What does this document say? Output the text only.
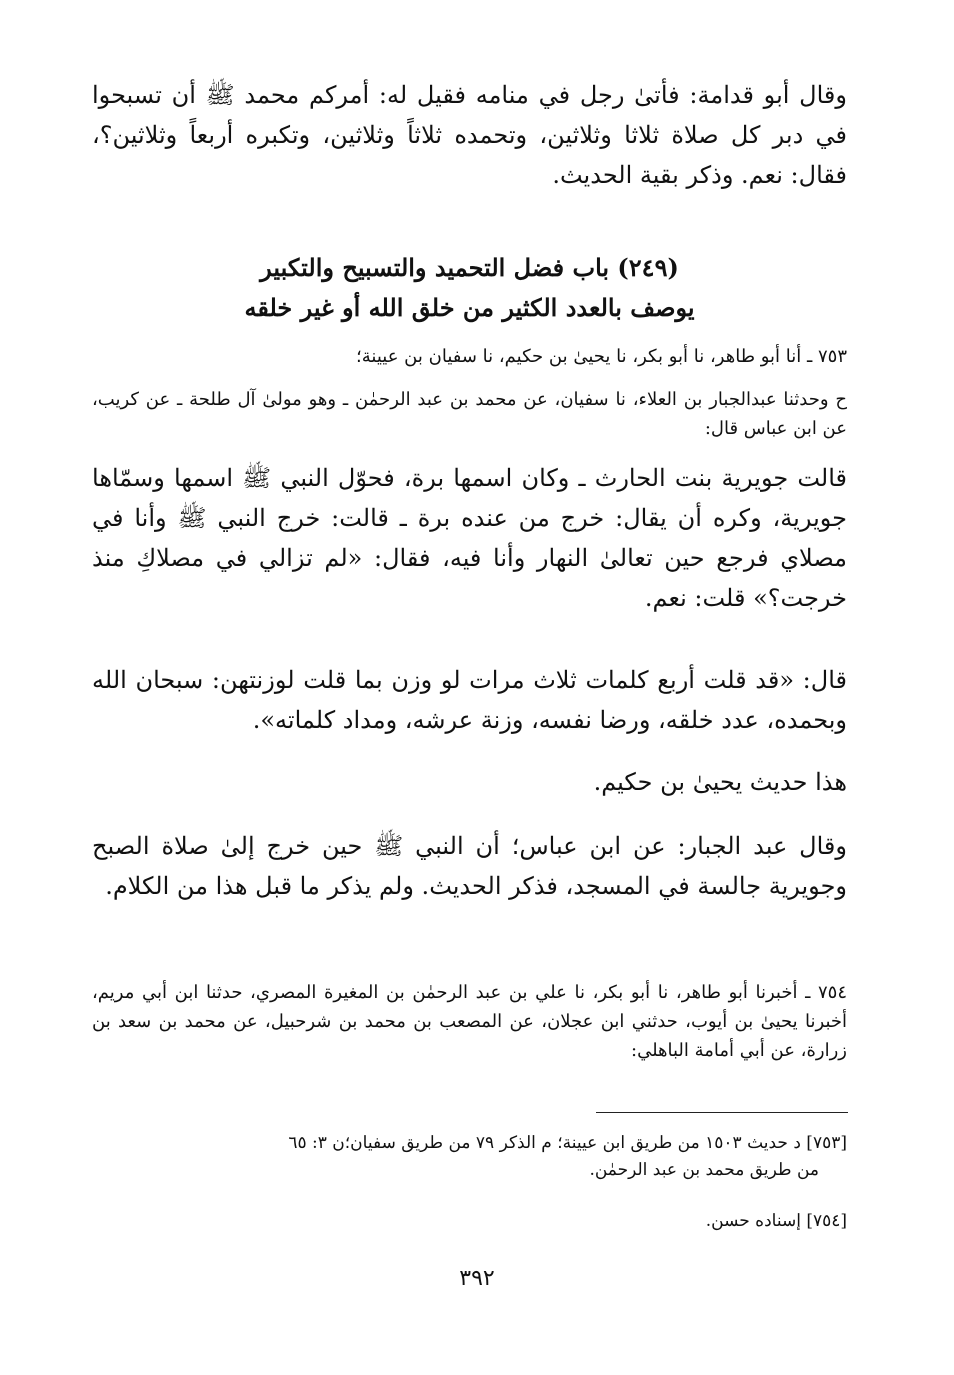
وقال أبو قدامة: فأتىٰ رجل في منامه فقيل له: أمركم محمد ﷺ أن تسبحوا في دبر كل صلاة ثلاثا وثلاثين، وتحمده ثلاثاً وثلاثين، وتكبره أربعاً وثلاثين؟، فقال: نعم. وذكر بقية الحديث.

(٢٤٩) باب فضل التحميد والتسبيح والتكبير
يوصف بالعدد الكثير من خلق الله أو غير خلقه

٧٥٣ ـ أنا أبو طاهر، نا أبو بكر، نا يحيىٰ بن حكيم، نا سفيان بن عيينة؛

ح وحدثنا عبدالجبار بن العلاء، نا سفيان، عن محمد بن عبد الرحمٰن ـ وهو مولىٰ آل طلحة ـ عن كريب، عن ابن عباس قال:

قالت جويرية بنت الحارث ـ وكان اسمها برة، فحوّل النبي ﷺ اسمها وسمّاها جويرية، وكره أن يقال: خرج من عنده برة ـ قالت: خرج النبي ﷺ وأنا في مصلاي فرجع حين تعالىٰ النهار وأنا فيه، فقال: «لم تزالي في مصلاكِ منذ خرجت؟» قلت: نعم.

قال: «قد قلت أربع كلمات ثلاث مرات لو وزن بما قلت لوزنتهن: سبحان الله وبحمده، عدد خلقه، ورضا نفسه، وزنة عرشه، ومداد كلماته».

هذا حديث يحيىٰ بن حكيم.

وقال عبد الجبار: عن ابن عباس؛ أن النبي ﷺ حين خرج إلىٰ صلاة الصبح وجويرية جالسة في المسجد، فذكر الحديث. ولم يذكر ما قبل هذا من الكلام.

٧٥٤ ـ أخبرنا أبو طاهر، نا أبو بكر، نا علي بن عبد الرحمٰن بن المغيرة المصري، حدثنا ابن أبي مريم، أخبرنا يحيىٰ بن أيوب، حدثني ابن عجلان، عن المصعب بن محمد بن شرحبيل، عن محمد بن سعد بن زرارة، عن أبي أمامة الباهلي:

[٧٥٣] د حديث ١٥٠٣ من طريق ابن عيينة؛ م الذكر ٧٩ من طريق سفيان؛ن ٣: ٦٥
من طريق محمد بن عبد الرحمٰن.
[٧٥٤] إسناده حسن.
٣٩٢
